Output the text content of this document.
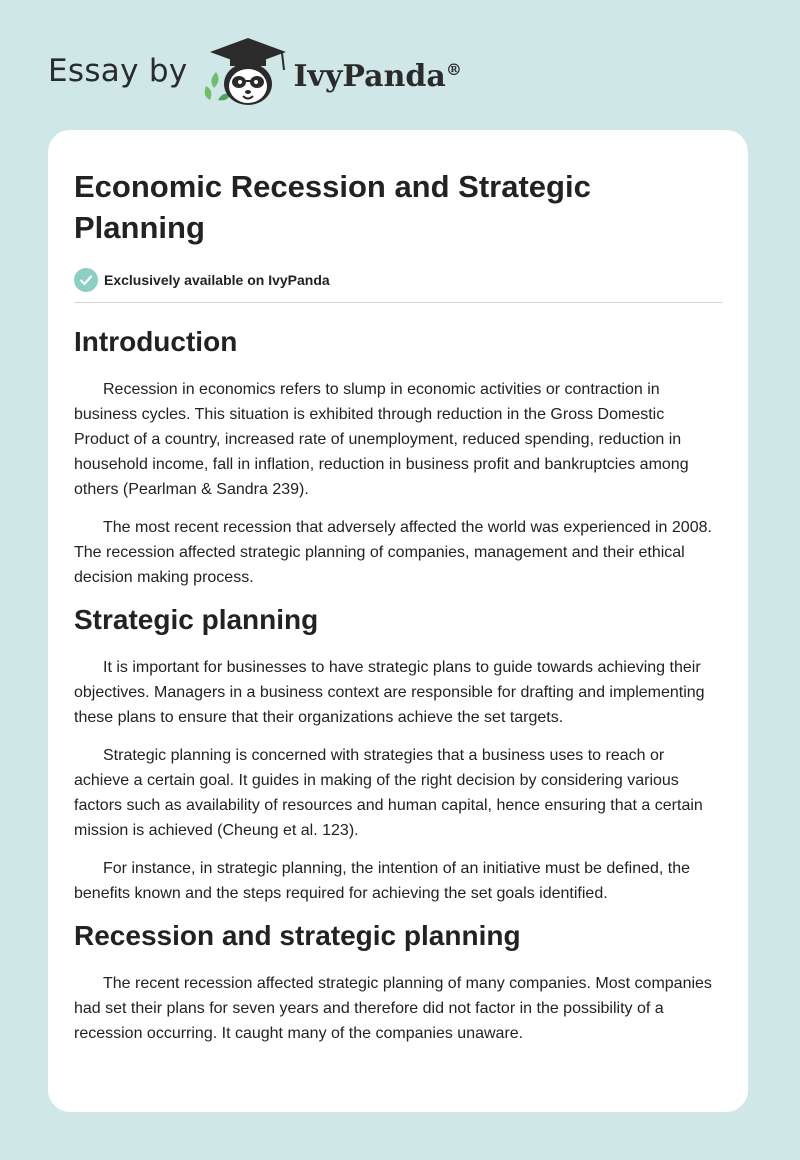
Essay by	IvyPanda®
Economic Recession and Strategic Planning
Exclusively available on IvyPanda
Introduction

Recession in economics refers to slump in economic activities or contraction in business cycles. This situation is exhibited through reduction in the Gross Domestic Product of a country, increased rate of unemployment, reduced spending, reduction in household income, fall in inflation, reduction in business profit and bankruptcies among others (Pearlman & Sandra 239).

The most recent recession that adversely affected the world was experienced in 2008. The recession affected strategic planning of companies, management and their ethical decision making process.

Strategic planning

It is important for businesses to have strategic plans to guide towards achieving their objectives. Managers in a business context are responsible for drafting and implementing these plans to ensure that their organizations achieve the set targets.

Strategic planning is concerned with strategies that a business uses to reach or achieve a certain goal. It guides in making of the right decision by considering various factors such as availability of resources and human capital, hence ensuring that a certain mission is achieved (Cheung et al. 123).

For instance, in strategic planning, the intention of an initiative must be defined, the benefits known and the steps required for achieving the set goals identified.

Recession and strategic planning

The recent recession affected strategic planning of many companies. Most companies had set their plans for seven years and therefore did not factor in the possibility of a recession occurring. It caught many of the companies unaware.
